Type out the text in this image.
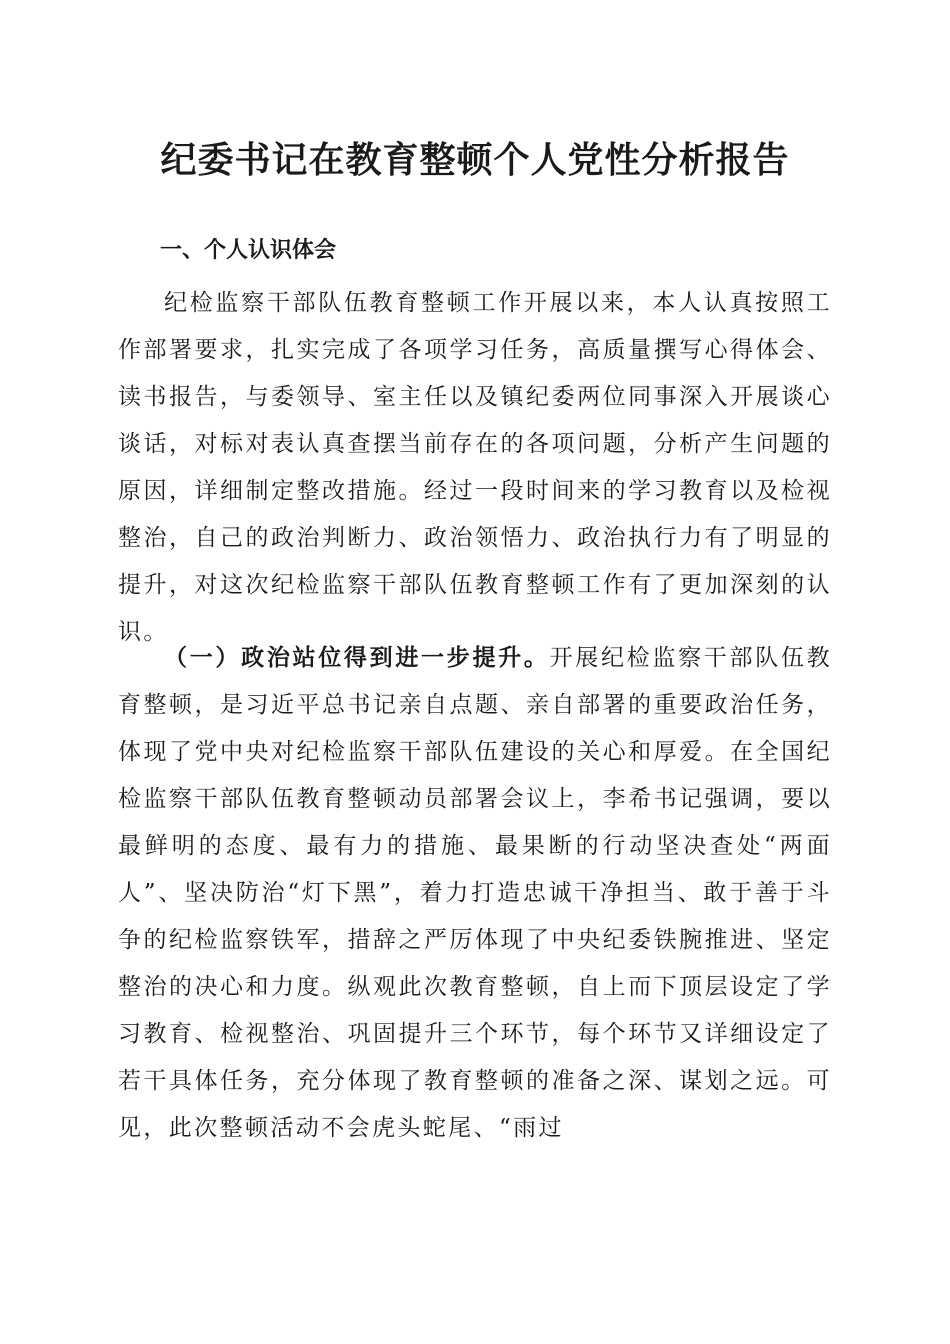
纪委书记在教育整顿个人党性分析报告
一、个人认识体会

纪检监察干部队伍教育整顿工作开展以来，本人认真按照工作部署要求，扎实完成了各项学习任务，高质量撰写心得体会、读书报告，与委领导、室主任以及镇纪委两位同事深入开展谈心谈话，对标对表认真查摆当前存在的各项问题，分析产生问题的原因，详细制定整改措施。经过一段时间来的学习教育以及检视整治，自己的政治判断力、政治领悟力、政治执行力有了明显的提升，对这次纪检监察干部队伍教育整顿工作有了更加深刻的认识。

（一）政治站位得到进一步提升。开展纪检监察干部队伍教育整顿，是习近平总书记亲自点题、亲自部署的重要政治任务，体现了党中央对纪检监察干部队伍建设的关心和厚爱。在全国纪检监察干部队伍教育整顿动员部署会议上，李希书记强调，要以最鲜明的态度、最有力的措施、最果断的行动坚决查处“两面人”、坚决防治“灯下黑”，着力打造忠诚干净担当、敢于善于斗争的纪检监察铁军，措辞之严厉体现了中央纪委铁腕推进、坚定整治的决心和力度。纵观此次教育整顿，自上而下顶层设定了学习教育、检视整治、巩固提升三个环节，每个环节又详细设定了若干具体任务，充分体现了教育整顿的准备之深、谋划之远。可见，此次整顿活动不会虎头蛇尾、“雨过
